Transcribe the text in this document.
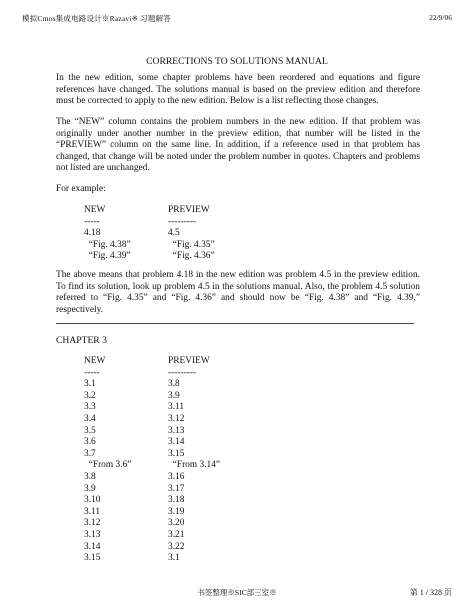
模拟Cmos集成电路设计※Razavi※ 习题解答	22/9/06
CORRECTIONS TO SOLUTIONS MANUAL

In the new edition, some chapter problems have been reordered and equations and figure references have changed. The solutions manual is based on the preview edition and therefore must be corrected to apply to the new edition. Below is a list reflecting those changes.

The “NEW” column contains the problem numbers in the new edition. If that problem was originally under another number in the preview edition, that number will be listed in the “PREVIEW” column on the same line. In addition, if a reference used in that problem has changed, that change will be noted under the problem number in quotes. Chapters and problems not listed are unchanged.

For example:

NEW	PREVIEW
-----	---------
4.18	4.5
“Fig. 4.38”	“Fig. 4.35”
“Fig. 4.39”	“Fig. 4.36”

The above means that problem 4.18 in the new edition was problem 4.5 in the preview edition. To find its solution, look up problem 4.5 in the solutions manual. Also, the problem 4.5 solution referred to “Fig. 4.35” and “Fig. 4.36” and should now be “Fig. 4.38” and “Fig. 4.39,” respectively.

CHAPTER 3
NEW	PREVIEW
-----	---------
3.1	3.8
3.2	3.9
3.3	3.11
3.4	3.12
3.5	3.13
3.6	3.14
3.7	3.15
“From 3.6”	“From 3.14”
3.8	3.16
3.9	3.17
3.10	3.18
3.11	3.19
3.12	3.20
3.13	3.21
3.14	3.22
3.15	3.1
书签整理※SIC部三室※	第 1 / 328 页
